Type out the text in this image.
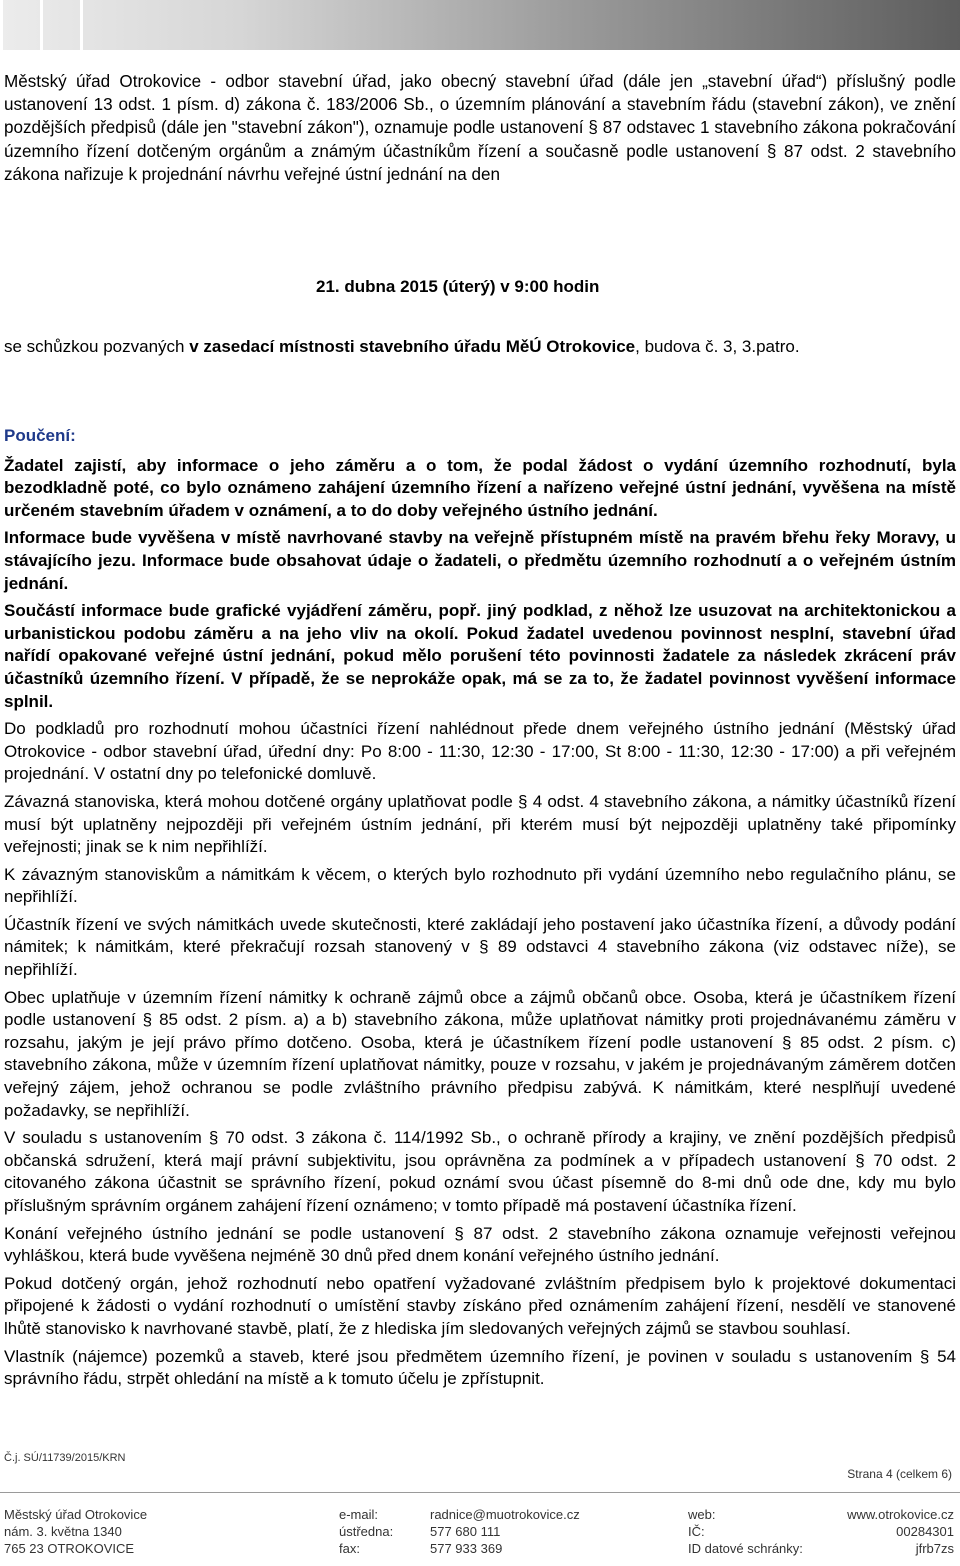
Městský úřad Otrokovice - odbor stavební úřad, jako obecný stavební úřad (dále jen „stavební úřad“) příslušný podle ustanovení 13 odst. 1 písm. d) zákona č. 183/2006 Sb., o územním plánování a stavebním řádu (stavební zákon), ve znění pozdějších předpisů (dále jen "stavební zákon"), oznamuje podle ustanovení § 87 odstavec 1 stavebního zákona pokračování územního řízení dotčeným orgánům a známým účastníkům řízení a současně podle ustanovení § 87 odst. 2 stavebního zákona nařizuje k projednání návrhu veřejné ústní jednání na den

21. dubna 2015 (úterý) v 9:00 hodin
se schůzkou pozvaných v zasedací místnosti stavebního úřadu MěÚ Otrokovice, budova č. 3, 3.patro.

Poučení:

Žadatel zajistí, aby informace o jeho záměru a o tom, že podal žádost o vydání územního rozhodnutí, byla bezodkladně poté, co bylo oznámeno zahájení územního řízení a nařízeno veřejné ústní jednání, vyvěšena na místě určeném stavebním úřadem v oznámení, a to do doby veřejného ústního jednání.

Informace bude vyvěšena v místě navrhované stavby na veřejně přístupném místě na pravém břehu řeky Moravy, u stávajícího jezu. Informace bude obsahovat údaje o žadateli, o předmětu územního rozhodnutí a o veřejném ústním jednání.

Součástí informace bude grafické vyjádření záměru, popř. jiný podklad, z něhož lze usuzovat na architektonickou a urbanistickou podobu záměru a na jeho vliv na okolí. Pokud žadatel uvedenou povinnost nesplní, stavební úřad nařídí opakované veřejné ústní jednání, pokud mělo porušení této povinnosti žadatele za následek zkrácení práv účastníků územního řízení. V případě, že se neprokáže opak, má se za to, že žadatel povinnost vyvěšení informace splnil.

Do podkladů pro rozhodnutí mohou účastníci řízení nahlédnout přede dnem veřejného ústního jednání (Městský úřad Otrokovice - odbor stavební úřad, úřední dny: Po 8:00 - 11:30, 12:30 - 17:00, St 8:00 - 11:30, 12:30 - 17:00) a při veřejném projednání. V ostatní dny po telefonické domluvě.

Závazná stanoviska, která mohou dotčené orgány uplatňovat podle § 4 odst. 4 stavebního zákona, a námitky účastníků řízení musí být uplatněny nejpozději při veřejném ústním jednání, při kterém musí být nejpozději uplatněny také připomínky veřejnosti; jinak se k nim nepřihlíží.

K závazným stanoviskům a námitkám k věcem, o kterých bylo rozhodnuto při vydání územního nebo regulačního plánu, se nepřihlíží.

Účastník řízení ve svých námitkách uvede skutečnosti, které zakládají jeho postavení jako účastníka řízení, a důvody podání námitek; k námitkám, které překračují rozsah stanovený v § 89 odstavci 4 stavebního zákona (viz odstavec níže), se nepřihlíží.

Obec uplatňuje v územním řízení námitky k ochraně zájmů obce a zájmů občanů obce. Osoba, která je účastníkem řízení podle ustanovení § 85 odst. 2 písm. a) a b) stavebního zákona, může uplatňovat námitky proti projednávanému záměru v rozsahu, jakým je její právo přímo dotčeno. Osoba, která je účastníkem řízení podle ustanovení § 85 odst. 2 písm. c) stavebního zákona, může v územním řízení uplatňovat námitky, pouze v rozsahu, v jakém je projednávaným záměrem dotčen veřejný zájem, jehož ochranou se podle zvláštního právního předpisu zabývá. K námitkám, které nesplňují uvedené požadavky, se nepřihlíží.

V souladu s ustanovením § 70 odst. 3 zákona č. 114/1992 Sb., o ochraně přírody a krajiny, ve znění pozdějších předpisů občanská sdružení, která mají právní subjektivitu, jsou oprávněna za podmínek a v případech ustanovení § 70 odst. 2 citovaného zákona účastnit se správního řízení, pokud oznámí svou účast písemně do 8-mi dnů ode dne, kdy mu bylo příslušným správním orgánem zahájení řízení oznámeno; v tomto případě má postavení účastníka řízení.

Konání veřejného ústního jednání se podle ustanovení § 87 odst. 2 stavebního zákona oznamuje veřejnosti veřejnou vyhláškou, která bude vyvěšena nejméně 30 dnů před dnem konání veřejného ústního jednání.

Pokud dotčený orgán, jehož rozhodnutí nebo opatření vyžadované zvláštním předpisem bylo k projektové dokumentaci připojené k žádosti o vydání rozhodnutí o umístění stavby získáno před oznámením zahájení řízení, nesdělí ve stanovené lhůtě stanovisko k navrhované stavbě, platí, že z hlediska jím sledovaných veřejných zájmů se stavbou souhlasí.

Vlastník (nájemce) pozemků a staveb, které jsou předmětem územního řízení, je povinen v souladu s ustanovením § 54 správního řádu, strpět ohledání na místě a k tomuto účelu je zpřístupnit.

Č.j. SÚ/11739/2015/KRN
Strana 4 (celkem 6)
Městský úřad Otrokovice
nám. 3. května 1340
765 23 OTROKOVICE
e-mail:
ústředna:
fax:
radnice@muotrokovice.cz
577 680 111
577 933 369
web:
IČ:
ID datové schránky:
www.otrokovice.cz
00284301
jfrb7zs
